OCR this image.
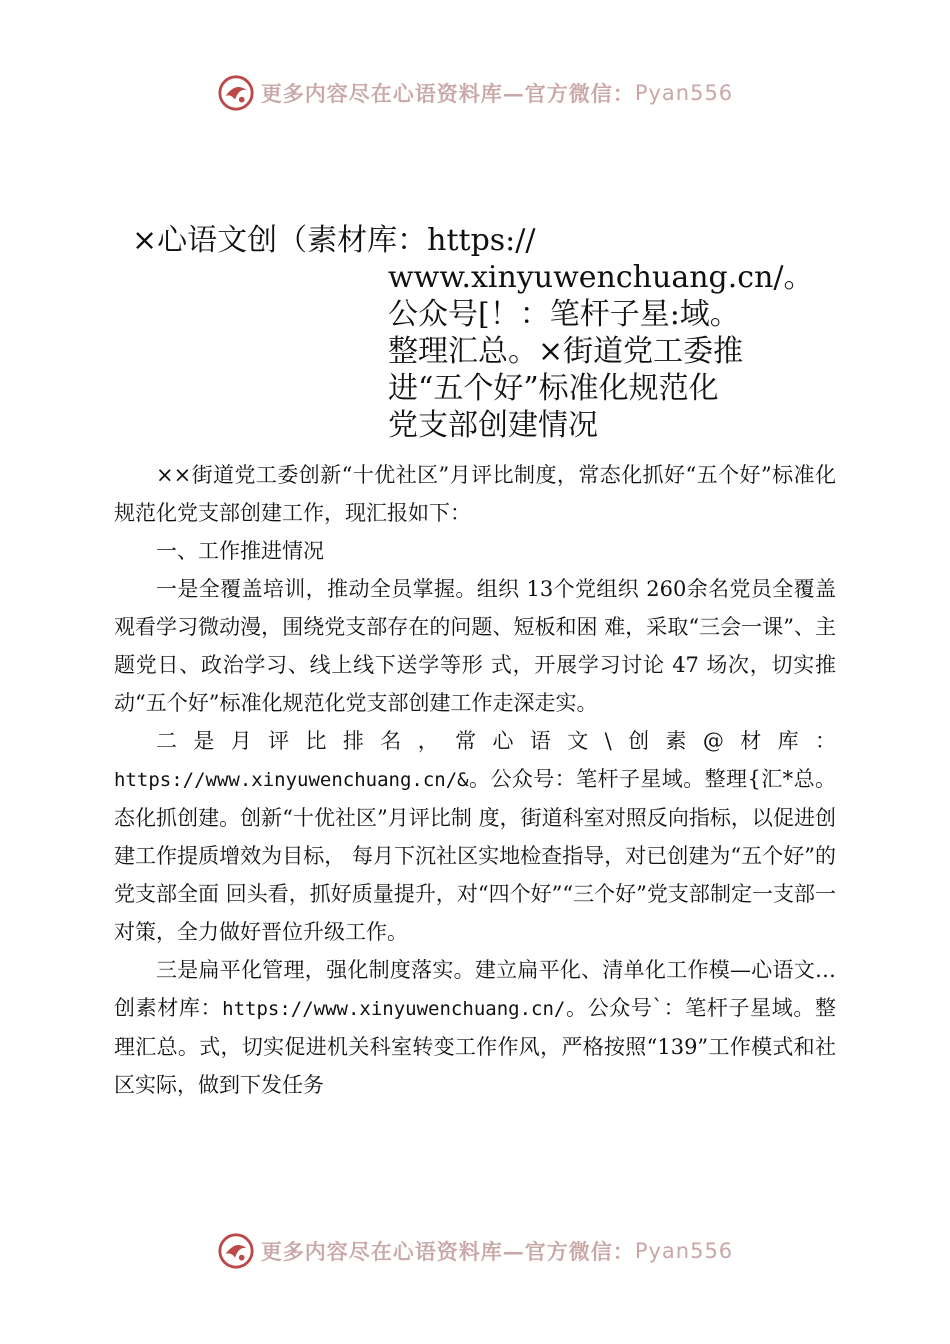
更多内容尽在心语资料库—官方微信： Pyan556
×心语文创（素材库：https://
www.xinyuwenchuang.cn/。
公众号[！：笔杆子星:域。
整理汇总。×街道党工委推
进“五个好”标准化规范化
党支部创建情况

××街道党工委创新“十优社区”月评比制度，常态化抓好“五个好”标准化规范化党支部创建工作，现汇报如下：

一、工作推进情况

一是全覆盖培训，推动全员掌握。组织 13个党组织 260余名党员全覆盖观看学习微动漫，围绕党支部存在的问题、短板和困 难，采取“三会一课”、主题党日、政治学习、线上线下送学等形 式，开展学习讨论 47 场次，切实推动“五个好”标准化规范化党支部创建工作走深走实。

二是月评比排名，常心语文\创素@材库：https://www.xinyuwenchuang.cn/&。公众号：笔杆子星域。整理{汇*总。态化抓创建。创新“十优社区”月评比制 度，街道科室对照反向指标，以促进创建工作提质增效为目标， 每月下沉社区实地检查指导，对已创建为“五个好”的党支部全面 回头看，抓好质量提升，对“四个好”“三个好”党支部制定一支部一对策，全力做好晋位升级工作。

三是扁平化管理，强化制度落实。建立扁平化、清单化工作模—心语文…创素材库：https://www.xinyuwenchuang.cn/。公众号`：笔杆子星域。整理汇总。式，切实促进机关科室转变工作作风，严格按照“139”工作模式和社区实际，做到下发任务

更多内容尽在心语资料库—官方微信： Pyan556
